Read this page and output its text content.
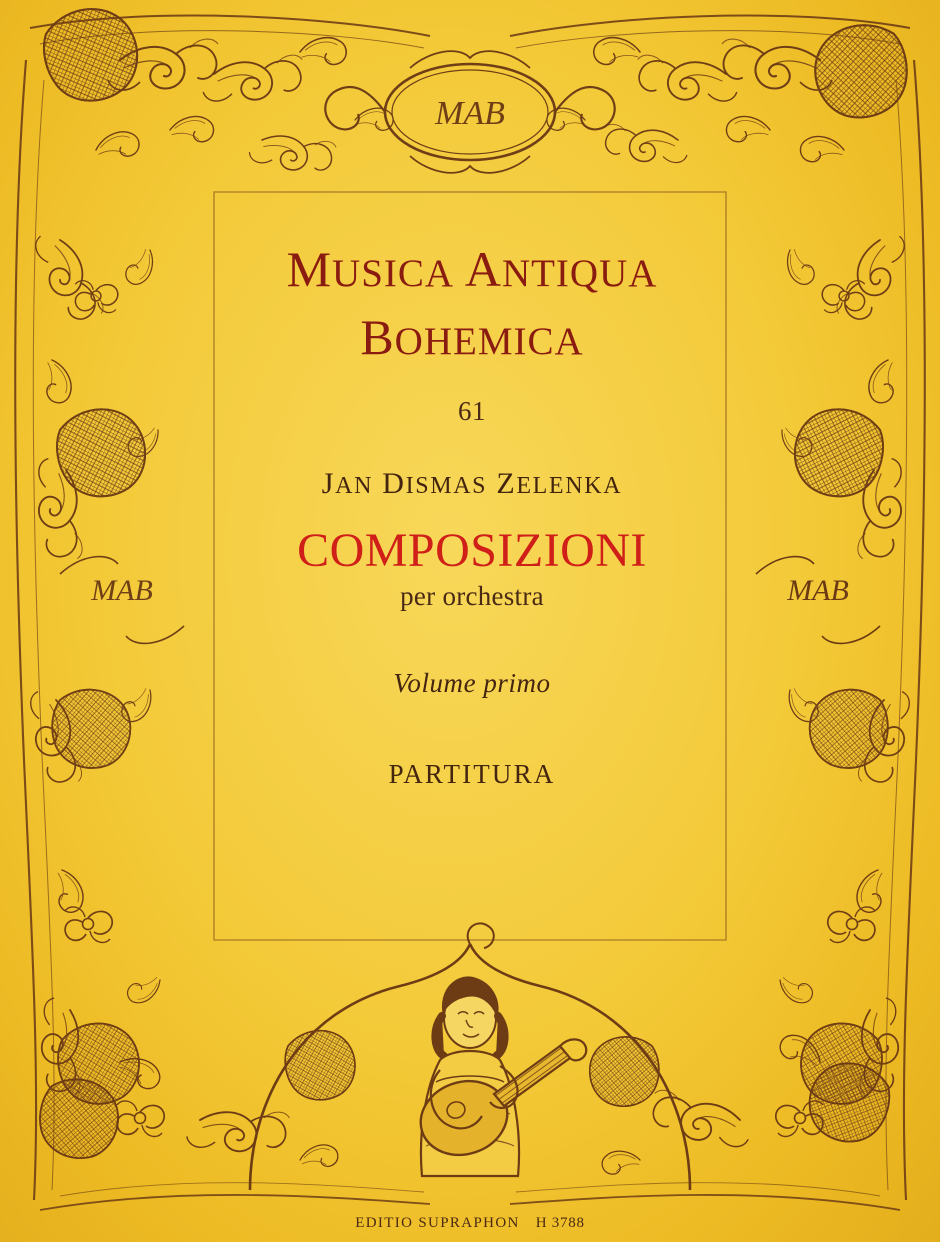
MAB
MAB	MAB
MUSICA ANTIQUA
BOHEMICA
61
JAN DISMAS ZELENKA
COMPOSIZIONI
per orchestra
Volume primo
PARTITURA
EDITIO SUPRAPHON H 3788
